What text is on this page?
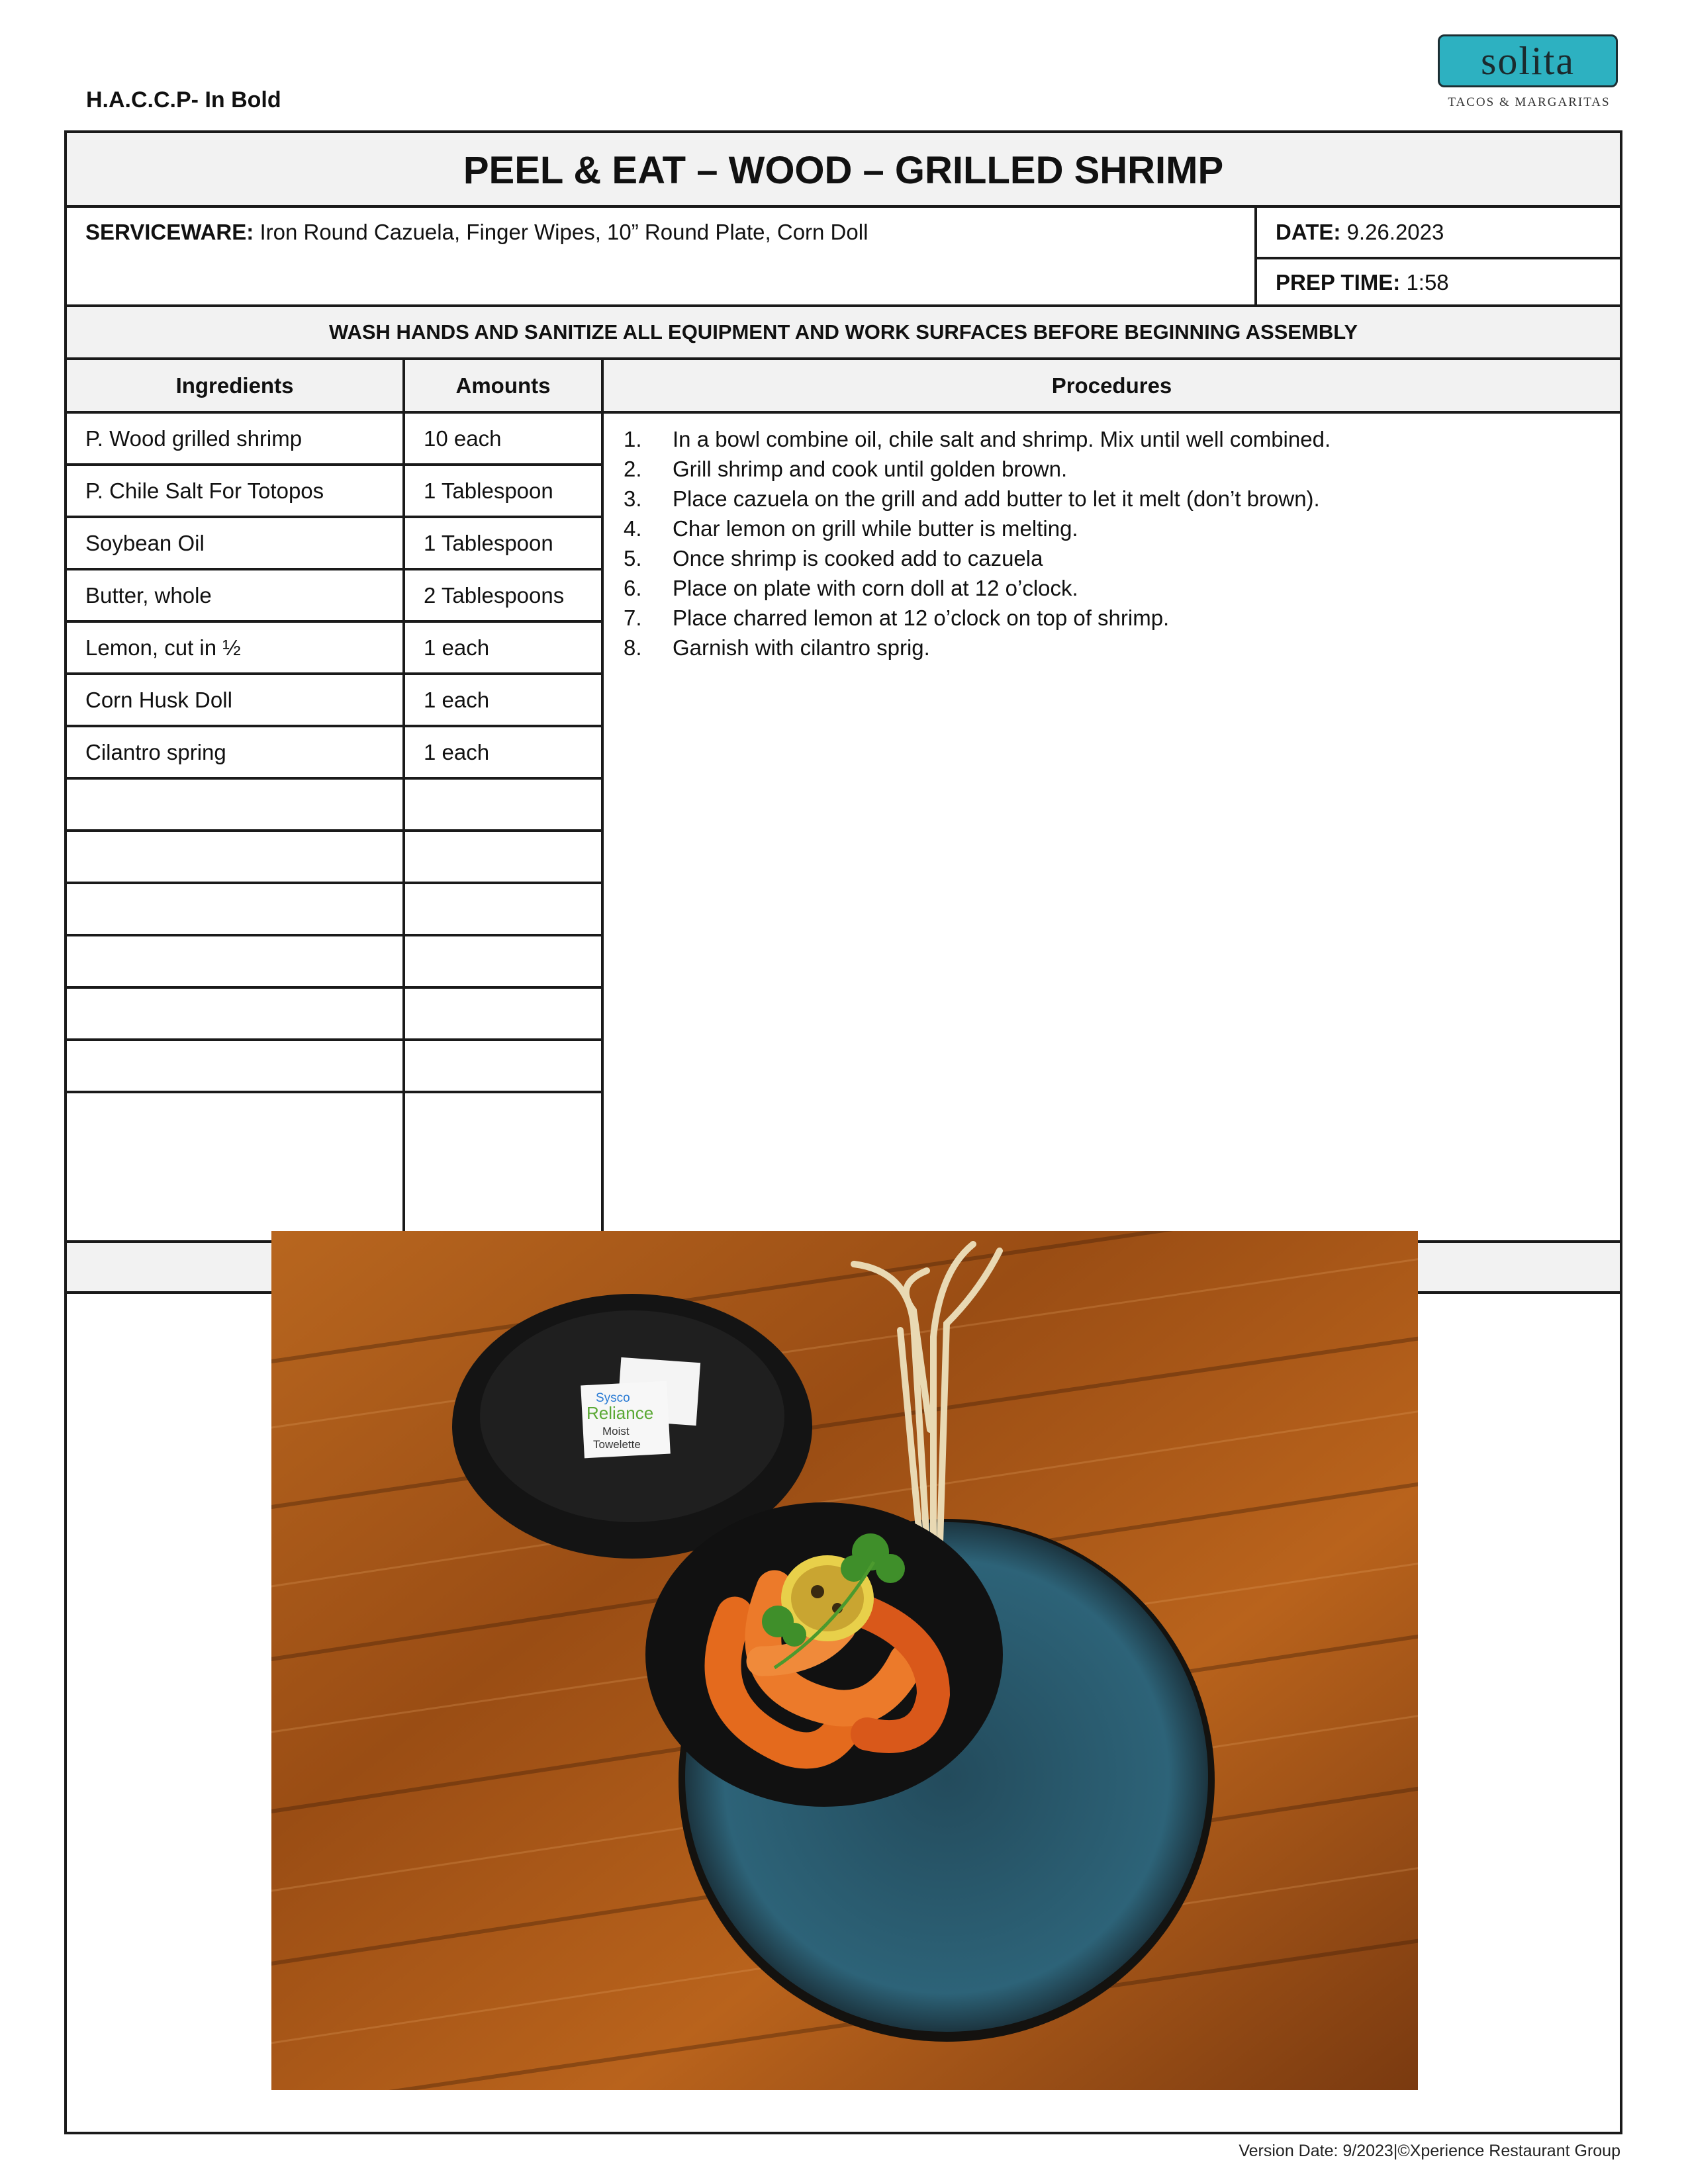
H.A.C.C.P- In Bold
solita
TACOS & MARGARITAS
PEEL & EAT – WOOD – GRILLED SHRIMP
SERVICEWARE: Iron Round Cazuela, Finger Wipes, 10” Round Plate, Corn Doll	DATE: 9.26.2023
PREP TIME: 1:58
WASH HANDS AND SANITIZE ALL EQUIPMENT AND WORK SURFACES BEFORE BEGINNING ASSEMBLY
Ingredients	Amounts	Procedures
P. Wood grilled shrimp	10 each
P. Chile Salt For Totopos	1 Tablespoon
Soybean Oil	1 Tablespoon
Butter, whole	2 Tablespoons
Lemon, cut in ½	1 each
Corn Husk Doll	1 each
Cilantro spring	1 each
1.	In a bowl combine oil, chile salt and shrimp. Mix until well combined.
2.	Grill shrimp and cook until golden brown.
3.	Place cazuela on the grill and add butter to let it melt (don’t brown).
4.	Char lemon on grill while butter is melting.
5.	Once shrimp is cooked add to cazuela
6.	Place on plate with corn doll at 12 o’clock.
7.	Place charred lemon at 12 o’clock on top of shrimp.
8.	Garnish with cilantro sprig.
Sysco
Reliance
Moist
Towelette
Version Date: 9/2023|©Xperience Restaurant Group
